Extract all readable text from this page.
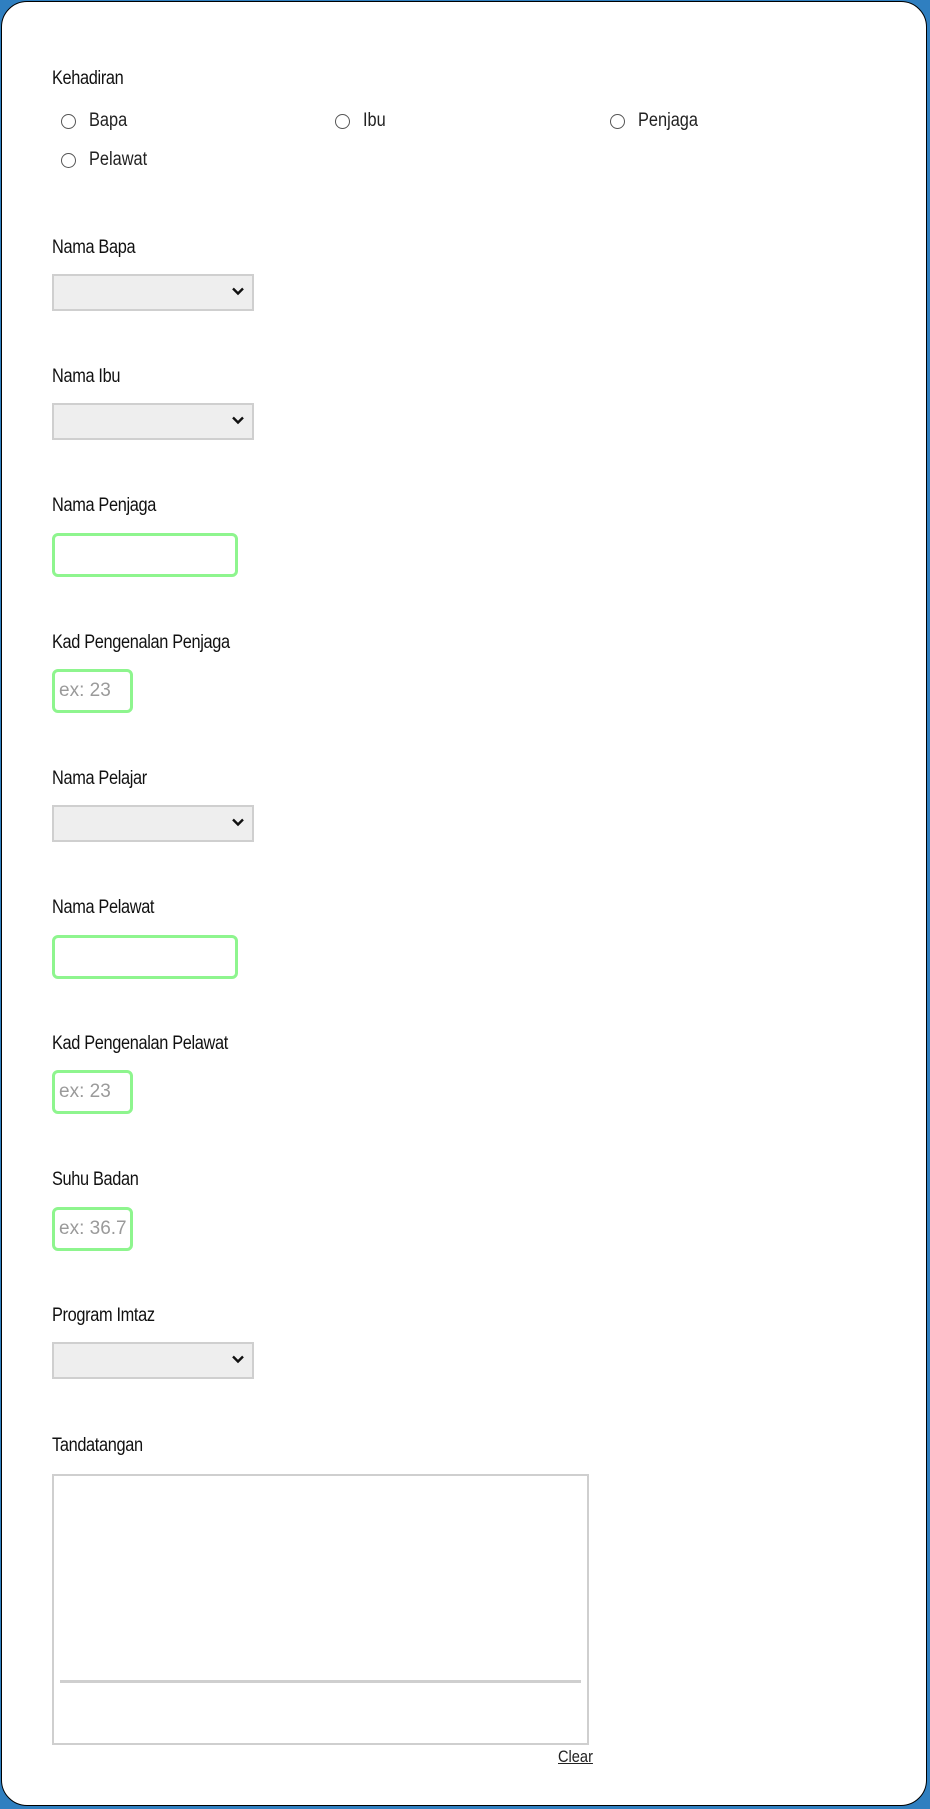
Kehadiran
Bapa	Ibu	Penjaga
Pelawat
Nama Bapa
Nama Ibu
Nama Penjaga
Kad Pengenalan Penjaga
ex: 23
Nama Pelajar
Nama Pelawat
Kad Pengenalan Pelawat
ex: 23
Suhu Badan
ex: 36.7
Program Imtaz
Tandatangan
Clear
